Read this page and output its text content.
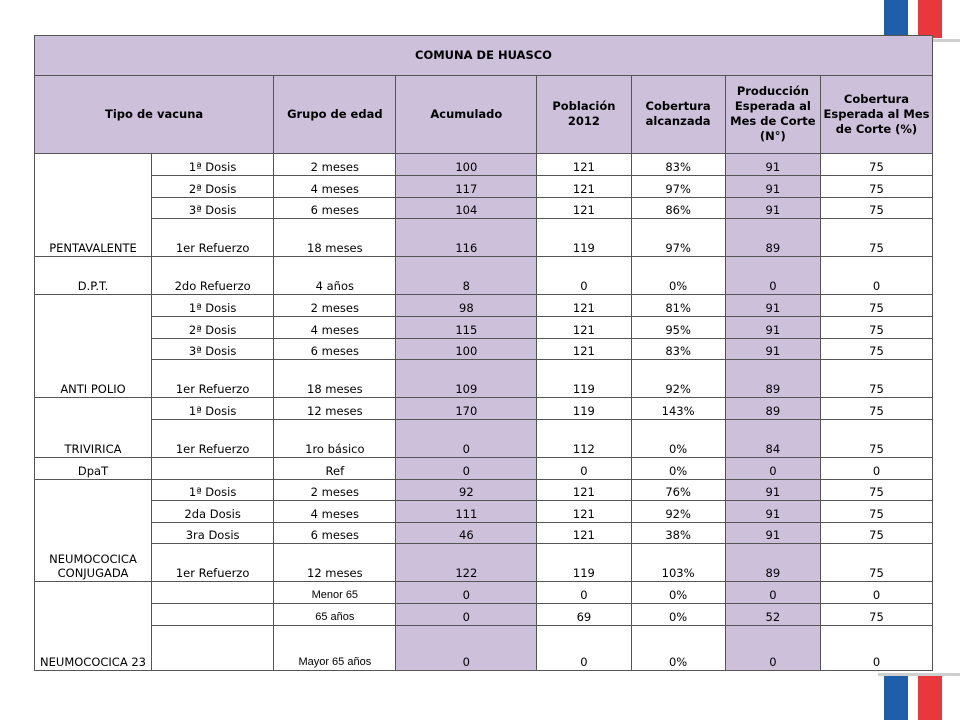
COMUNA DE HUASCO							
Tipo de vacuna		Grupo de edad	Acumulado	Población 2012	Cobertura alcanzada	Producción Esperada al Mes de Corte (N°)	Cobertura Esperada al Mes de Corte (%)
PENTAVALENTE	1ª Dosis	2 meses	100	121	83%	91	75
	2ª Dosis	4 meses	117	121	97%	91	75
	3ª Dosis	6 meses	104	121	86%	91	75
	1er Refuerzo	18 meses	116	119	97%	89	75
D.P.T.	2do Refuerzo	4 años	8	0	0%	0	0
ANTI POLIO	1ª Dosis	2 meses	98	121	81%	91	75
	2ª Dosis	4 meses	115	121	95%	91	75
	3ª Dosis	6 meses	100	121	83%	91	75
	1er Refuerzo	18 meses	109	119	92%	89	75
TRIVIRICA	1ª Dosis	12 meses	170	119	143%	89	75
	1er Refuerzo	1ro básico	0	112	0%	84	75
DpaT		Ref	0	0	0%	0	0
NEUMOCOCICA CONJUGADA	1ª Dosis	2 meses	92	121	76%	91	75
	2da Dosis	4 meses	111	121	92%	91	75
	3ra Dosis	6 meses	46	121	38%	91	75
	1er Refuerzo	12 meses	122	119	103%	89	75
NEUMOCOCICA 23		Menor 65	0	0	0%	0	0
		65 años	0	69	0%	52	75
		Mayor 65 años	0	0	0%	0	0
